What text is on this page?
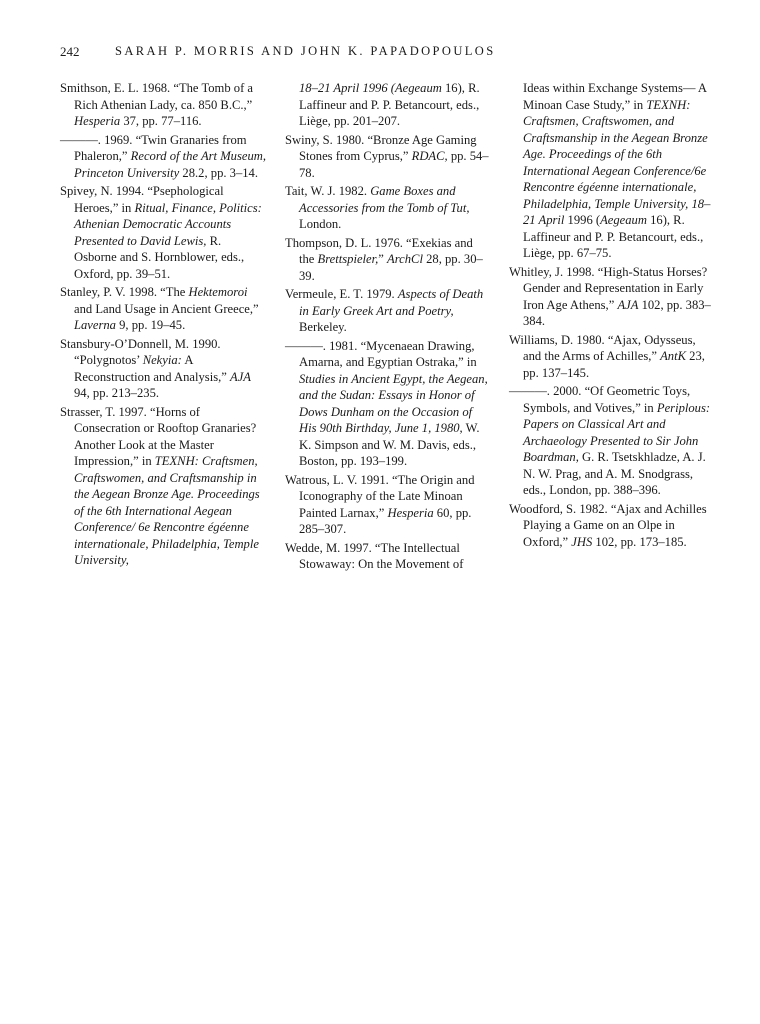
242	SARAH P. MORRIS AND JOHN K. PAPADOPOULOS

Smithson, E. L. 1968. “The Tomb of a Rich Athenian Lady, ca. 850 B.C.,” Hesperia 37, pp. 77–116.

———. 1969. “Twin Granaries from Phaleron,” Record of the Art Museum, Princeton University 28.2, pp. 3–14.

Spivey, N. 1994. “Psephological Heroes,” in Ritual, Finance, Politics: Athenian Democratic Accounts Presented to David Lewis, R. Osborne and S. Hornblower, eds., Oxford, pp. 39–51.

Stanley, P. V. 1998. “The Hektemoroi and Land Usage in Ancient Greece,” Laverna 9, pp. 19–45.

Stansbury-O’Donnell, M. 1990. “Polygnotos’ Nekyia: A Reconstruction and Analysis,” AJA 94, pp. 213–235.

Strasser, T. 1997. “Horns of Consecration or Rooftop Granaries? Another Look at the Master Impression,” in TEXNH: Craftsmen, Craftswomen, and Craftsmanship in the Aegean Bronze Age. Proceedings of the 6th International Aegean Conference/ 6e Rencontre égéenne internationale, Philadelphia, Temple University,

18–21 April 1996 (Aegeaum 16), R. Laffineur and P. P. Betancourt, eds., Liège, pp. 201–207.

Swiny, S. 1980. “Bronze Age Gaming Stones from Cyprus,” RDAC, pp. 54–78.

Tait, W. J. 1982. Game Boxes and Accessories from the Tomb of Tut, London.

Thompson, D. L. 1976. “Exekias and the Brettspieler,” ArchCl 28, pp. 30–39.

Vermeule, E. T. 1979. Aspects of Death in Early Greek Art and Poetry, Berkeley.

———. 1981. “Mycenaean Drawing, Amarna, and Egyptian Ostraka,” in Studies in Ancient Egypt, the Aegean, and the Sudan: Essays in Honor of Dows Dunham on the Occasion of His 90th Birthday, June 1, 1980, W. K. Simpson and W. M. Davis, eds., Boston, pp. 193–199.

Watrous, L. V. 1991. “The Origin and Iconography of the Late Minoan Painted Larnax,” Hesperia 60, pp. 285–307.

Wedde, M. 1997. “The Intellectual Stowaway: On the Movement of

Ideas within Exchange Systems— A Minoan Case Study,” in TEXNH: Craftsmen, Craftswomen, and Craftsmanship in the Aegean Bronze Age. Proceedings of the 6th International Aegean Conference/6e Rencontre égéenne internationale, Philadelphia, Temple University, 18–21 April 1996 (Aegeaum 16), R. Laffineur and P. P. Betancourt, eds., Liège, pp. 67–75.

Whitley, J. 1998. “High-Status Horses? Gender and Representation in Early Iron Age Athens,” AJA 102, pp. 383–384.

Williams, D. 1980. “Ajax, Odysseus, and the Arms of Achilles,” AntK 23, pp. 137–145.

———. 2000. “Of Geometric Toys, Symbols, and Votives,” in Periplous: Papers on Classical Art and Archaeology Presented to Sir John Boardman, G. R. Tsetskhladze, A. J. N. W. Prag, and A. M. Snodgrass, eds., London, pp. 388–396.

Woodford, S. 1982. “Ajax and Achilles Playing a Game on an Olpe in Oxford,” JHS 102, pp. 173–185.
